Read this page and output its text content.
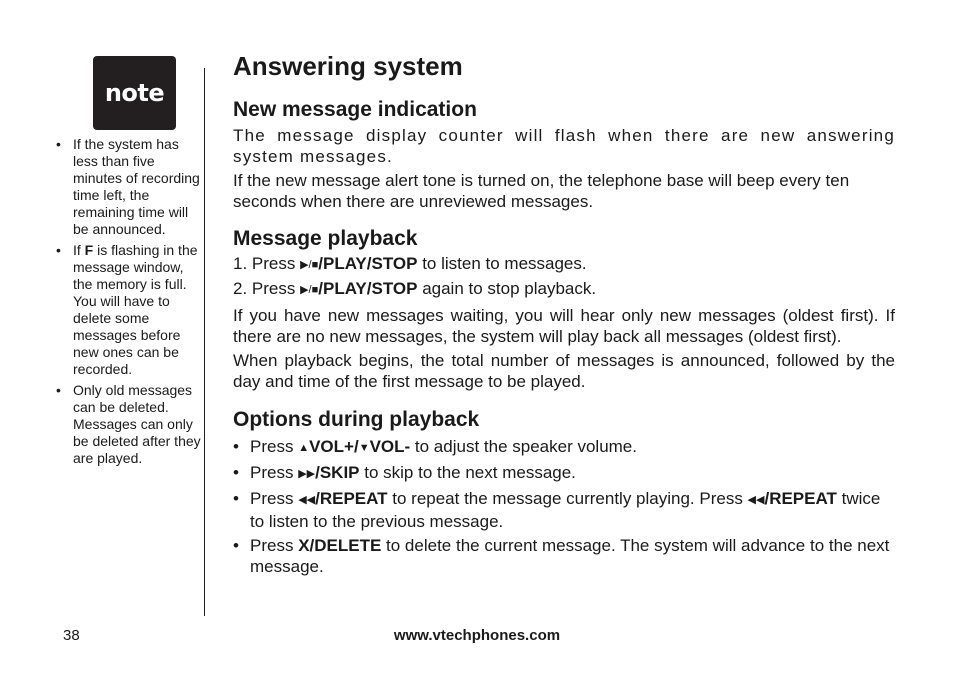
note
• If the system has less than five minutes of recording time left, the remaining time will be announced.
• If F is flashing in the message window, the memory is full. You will have to delete some messages before new ones can be recorded.
• Only old messages can be deleted. Messages can only be deleted after they are played.
Answering system
New message indication

The message display counter will flash when there are new answering system messages.

If the new message alert tone is turned on, the telephone base will beep every ten seconds when there are unreviewed messages.

Message playback
1. Press ▶/■/PLAY/STOP to listen to messages.
2. Press ▶/■/PLAY/STOP again to stop playback.

If you have new messages waiting, you will hear only new messages (oldest first). If there are no new messages, the system will play back all messages (oldest first).

When playback begins, the total number of messages is announced, followed by the day and time of the first message to be played.

Options during playback
• Press ▲VOL+/▼VOL- to adjust the speaker volume.
• Press ▶▶/SKIP to skip to the next message.
• Press ◀◀/REPEAT to repeat the message currently playing. Press ◀◀/REPEAT twice to listen to the previous message.
• Press X/DELETE to delete the current message. The system will advance to the next message.
38	www.vtechphones.com
